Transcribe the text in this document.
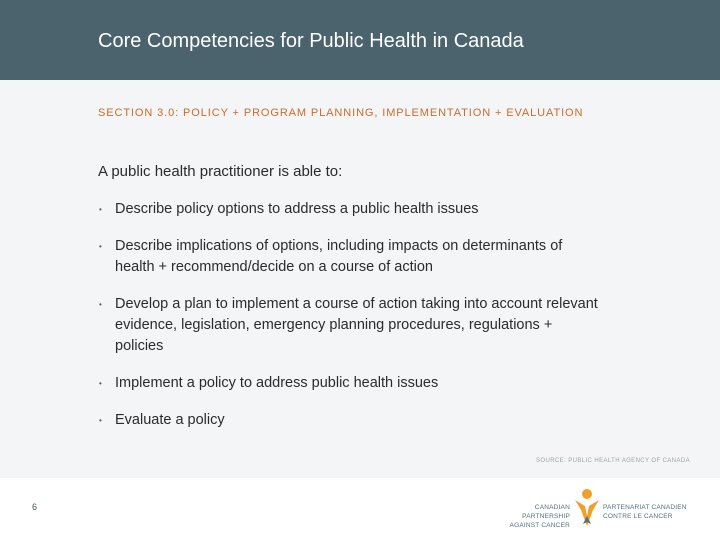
Core Competencies for Public Health in Canada
SECTION 3.0: POLICY + PROGRAM PLANNING, IMPLEMENTATION + EVALUATION
A public health practitioner is able to:
• Describe policy options to address a public health issues
• Describe implications of options, including impacts on determinants of health + recommend/decide on a course of action
• Develop a plan to implement a course of action taking into account relevant evidence, legislation, emergency planning procedures, regulations + policies
• Implement a policy to address public health issues
• Evaluate a policy
SOURCE: PUBLIC HEALTH AGENCY OF CANADA
6	CANADIAN PARTNERSHIP
AGAINST CANCER
PARTENARIAT CANADIEN
CONTRE LE CANCER
